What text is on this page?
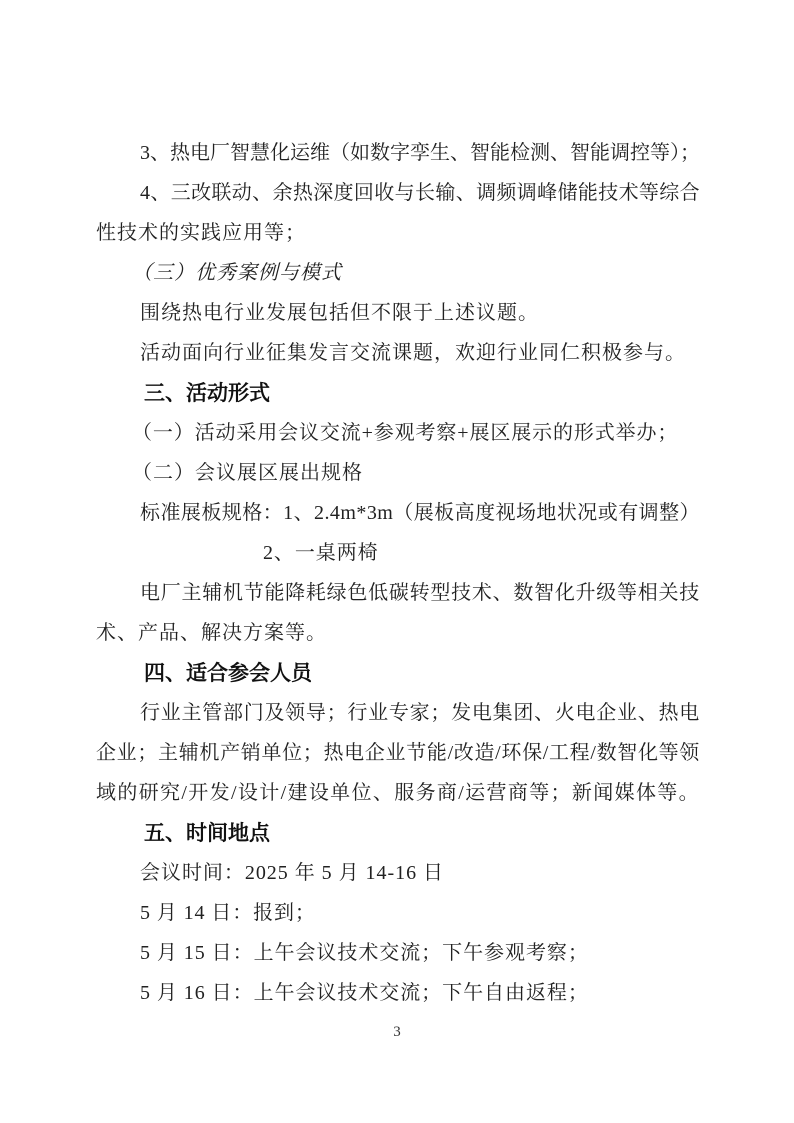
3、热电厂智慧化运维（如数字孪生、智能检测、智能调控等）；
4、三改联动、余热深度回收与长输、调频调峰储能技术等综合
性技术的实践应用等；
（三）优秀案例与模式
围绕热电行业发展包括但不限于上述议题。
活动面向行业征集发言交流课题，欢迎行业同仁积极参与。
三、活动形式
（一）活动采用会议交流+参观考察+展区展示的形式举办；
（二）会议展区展出规格
标准展板规格：1、2.4m*3m（展板高度视场地状况或有调整）
2、一桌两椅
电厂主辅机节能降耗绿色低碳转型技术、数智化升级等相关技
术、产品、解决方案等。
四、适合参会人员
行业主管部门及领导；行业专家；发电集团、火电企业、热电
企业；主辅机产销单位；热电企业节能/改造/环保/工程/数智化等领
域的研究/开发/设计/建设单位、服务商/运营商等；新闻媒体等。
五、时间地点
会议时间：2025 年 5 月 14-16 日
5 月 14 日：报到；
5 月 15 日：上午会议技术交流；下午参观考察；
5 月 16 日：上午会议技术交流；下午自由返程；
3
